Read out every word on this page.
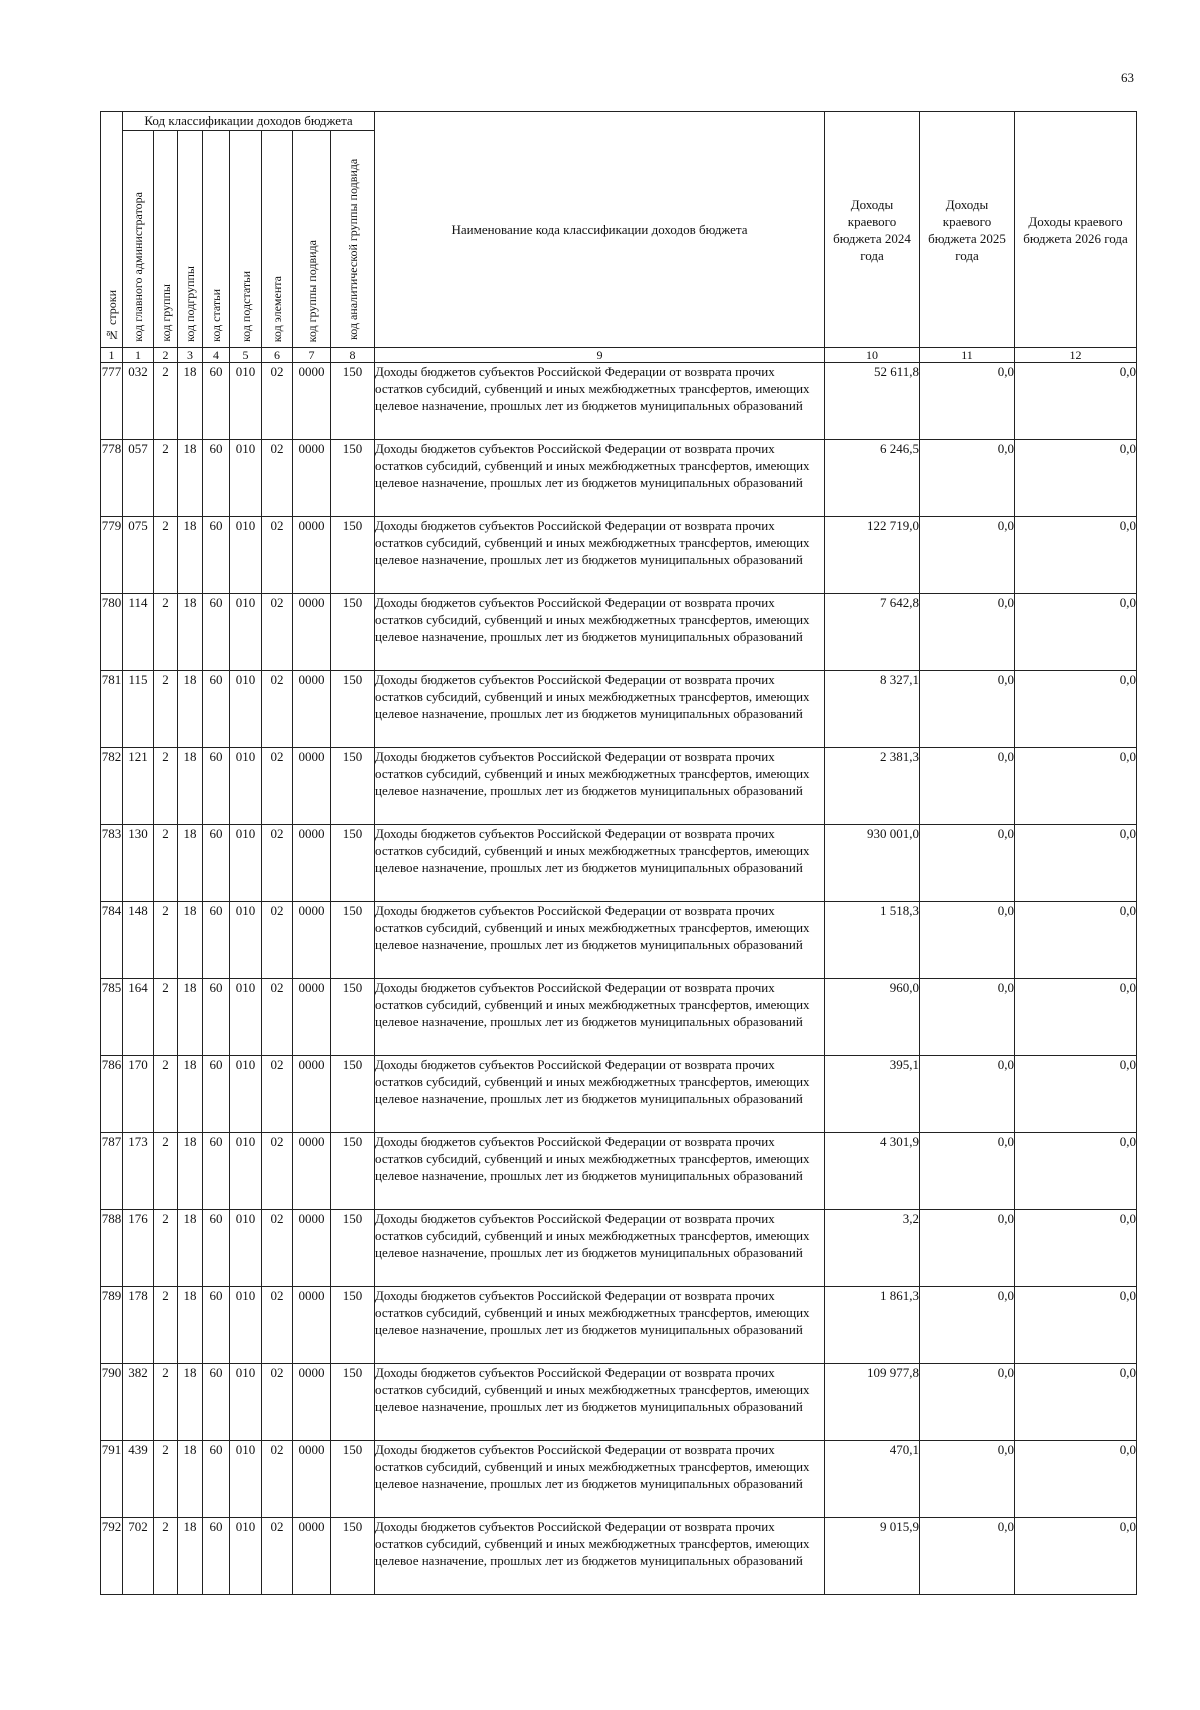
63
№ строки	Код классификации доходов бюджета								Наименование кода классификации доходов бюджета	Доходы краевого бюджета 2024 года	Доходы краевого бюджета 2025 года	Доходы краевого бюджета 2026 года
	код главного администратора	код группы	код подгруппы	код статьи	код подстатьи	код элемента	код группы подвида	код аналитической группы подвида				
1	1	2	3	4	5	6	7	8	9	10	11	12
777	032	2	18	60	010	02	0000	150	Доходы бюджетов субъектов Российской Федерации от возврата прочих остатков субсидий, субвенций и иных межбюджетных трансфертов, имеющих целевое назначение, прошлых лет из бюджетов муниципальных образований	52 611,8	0,0	0,0
778	057	2	18	60	010	02	0000	150	Доходы бюджетов субъектов Российской Федерации от возврата прочих остатков субсидий, субвенций и иных межбюджетных трансфертов, имеющих целевое назначение, прошлых лет из бюджетов муниципальных образований	6 246,5	0,0	0,0
779	075	2	18	60	010	02	0000	150	Доходы бюджетов субъектов Российской Федерации от возврата прочих остатков субсидий, субвенций и иных межбюджетных трансфертов, имеющих целевое назначение, прошлых лет из бюджетов муниципальных образований	122 719,0	0,0	0,0
780	114	2	18	60	010	02	0000	150	Доходы бюджетов субъектов Российской Федерации от возврата прочих остатков субсидий, субвенций и иных межбюджетных трансфертов, имеющих целевое назначение, прошлых лет из бюджетов муниципальных образований	7 642,8	0,0	0,0
781	115	2	18	60	010	02	0000	150	Доходы бюджетов субъектов Российской Федерации от возврата прочих остатков субсидий, субвенций и иных межбюджетных трансфертов, имеющих целевое назначение, прошлых лет из бюджетов муниципальных образований	8 327,1	0,0	0,0
782	121	2	18	60	010	02	0000	150	Доходы бюджетов субъектов Российской Федерации от возврата прочих остатков субсидий, субвенций и иных межбюджетных трансфертов, имеющих целевое назначение, прошлых лет из бюджетов муниципальных образований	2 381,3	0,0	0,0
783	130	2	18	60	010	02	0000	150	Доходы бюджетов субъектов Российской Федерации от возврата прочих остатков субсидий, субвенций и иных межбюджетных трансфертов, имеющих целевое назначение, прошлых лет из бюджетов муниципальных образований	930 001,0	0,0	0,0
784	148	2	18	60	010	02	0000	150	Доходы бюджетов субъектов Российской Федерации от возврата прочих остатков субсидий, субвенций и иных межбюджетных трансфертов, имеющих целевое назначение, прошлых лет из бюджетов муниципальных образований	1 518,3	0,0	0,0
785	164	2	18	60	010	02	0000	150	Доходы бюджетов субъектов Российской Федерации от возврата прочих остатков субсидий, субвенций и иных межбюджетных трансфертов, имеющих целевое назначение, прошлых лет из бюджетов муниципальных образований	960,0	0,0	0,0
786	170	2	18	60	010	02	0000	150	Доходы бюджетов субъектов Российской Федерации от возврата прочих остатков субсидий, субвенций и иных межбюджетных трансфертов, имеющих целевое назначение, прошлых лет из бюджетов муниципальных образований	395,1	0,0	0,0
787	173	2	18	60	010	02	0000	150	Доходы бюджетов субъектов Российской Федерации от возврата прочих остатков субсидий, субвенций и иных межбюджетных трансфертов, имеющих целевое назначение, прошлых лет из бюджетов муниципальных образований	4 301,9	0,0	0,0
788	176	2	18	60	010	02	0000	150	Доходы бюджетов субъектов Российской Федерации от возврата прочих остатков субсидий, субвенций и иных межбюджетных трансфертов, имеющих целевое назначение, прошлых лет из бюджетов муниципальных образований	3,2	0,0	0,0
789	178	2	18	60	010	02	0000	150	Доходы бюджетов субъектов Российской Федерации от возврата прочих остатков субсидий, субвенций и иных межбюджетных трансфертов, имеющих целевое назначение, прошлых лет из бюджетов муниципальных образований	1 861,3	0,0	0,0
790	382	2	18	60	010	02	0000	150	Доходы бюджетов субъектов Российской Федерации от возврата прочих остатков субсидий, субвенций и иных межбюджетных трансфертов, имеющих целевое назначение, прошлых лет из бюджетов муниципальных образований	109 977,8	0,0	0,0
791	439	2	18	60	010	02	0000	150	Доходы бюджетов субъектов Российской Федерации от возврата прочих остатков субсидий, субвенций и иных межбюджетных трансфертов, имеющих целевое назначение, прошлых лет из бюджетов муниципальных образований	470,1	0,0	0,0
792	702	2	18	60	010	02	0000	150	Доходы бюджетов субъектов Российской Федерации от возврата прочих остатков субсидий, субвенций и иных межбюджетных трансфертов, имеющих целевое назначение, прошлых лет из бюджетов муниципальных образований	9 015,9	0,0	0,0
